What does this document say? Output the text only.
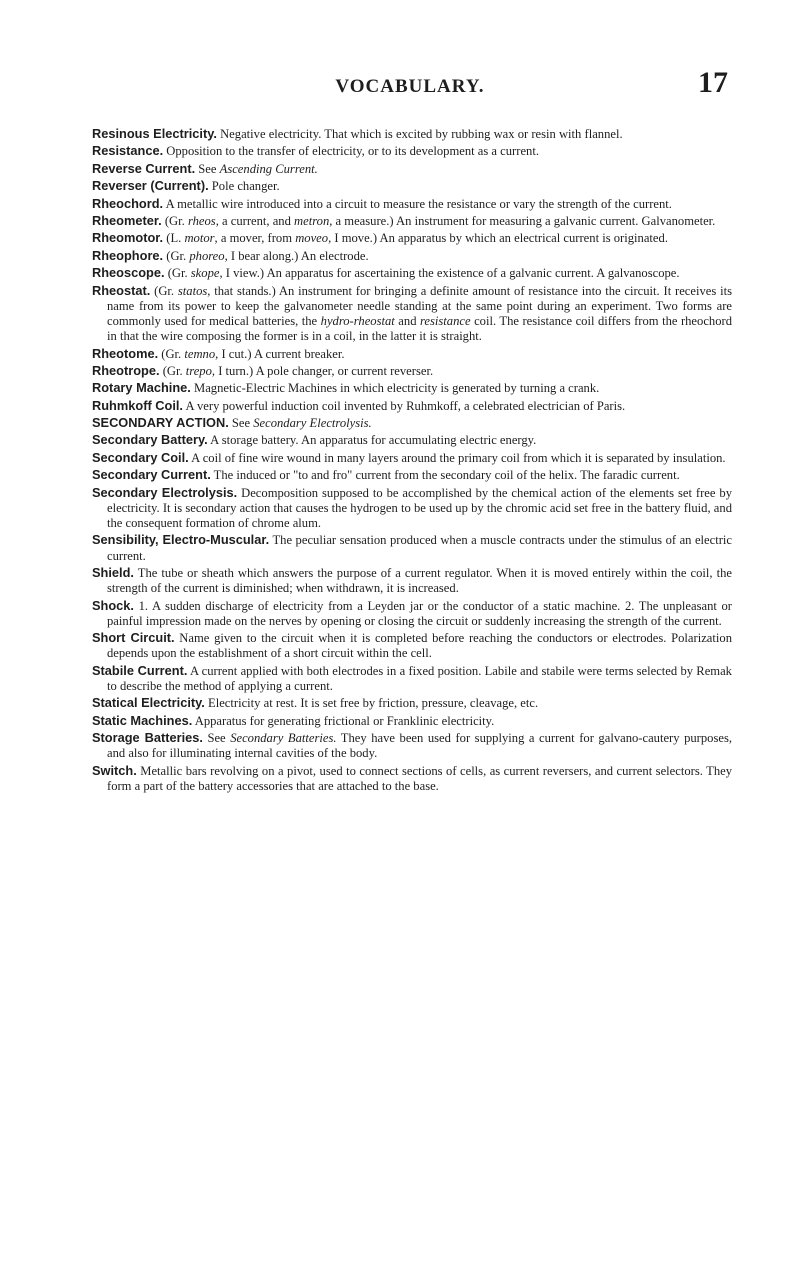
VOCABULARY.	17
Resinous Electricity. Negative electricity. That which is excited by rubbing wax or resin with flannel.
Resistance. Opposition to the transfer of electricity, or to its development as a current.
Reverse Current. See Ascending Current.
Reverser (Current). Pole changer.
Rheochord. A metallic wire introduced into a circuit to measure the resistance or vary the strength of the current.
Rheometer. (Gr. rheos, a current, and metron, a measure.) An instrument for measuring a galvanic current. Galvanometer.
Rheomotor. (L. motor, a mover, from moveo, I move.) An apparatus by which an electrical current is originated.
Rheophore. (Gr. phoreo, I bear along.) An electrode.
Rheoscope. (Gr. skope, I view.) An apparatus for ascertaining the existence of a galvanic current. A galvanoscope.
Rheostat. (Gr. statos, that stands.) An instrument for bringing a definite amount of resistance into the circuit. It receives its name from its power to keep the galvanometer needle standing at the same point during an experiment. Two forms are commonly used for medical batteries, the hydro-rheostat and resistance coil. The resistance coil differs from the rheochord in that the wire composing the former is in a coil, in the latter it is straight.
Rheotome. (Gr. temno, I cut.) A current breaker.
Rheotrope. (Gr. trepo, I turn.) A pole changer, or current reverser.
Rotary Machine. Magnetic-Electric Machines in which electricity is generated by turning a crank.
Ruhmkoff Coil. A very powerful induction coil invented by Ruhmkoff, a celebrated electrician of Paris.
SECONDARY ACTION. See Secondary Electrolysis.
Secondary Battery. A storage battery. An apparatus for accumulating electric energy.
Secondary Coil. A coil of fine wire wound in many layers around the primary coil from which it is separated by insulation.
Secondary Current. The induced or "to and fro" current from the secondary coil of the helix. The faradic current.
Secondary Electrolysis. Decomposition supposed to be accomplished by the chemical action of the elements set free by electricity. It is secondary action that causes the hydrogen to be used up by the chromic acid set free in the battery fluid, and the consequent formation of chrome alum.
Sensibility, Electro-Muscular. The peculiar sensation produced when a muscle contracts under the stimulus of an electric current.
Shield. The tube or sheath which answers the purpose of a current regulator. When it is moved entirely within the coil, the strength of the current is diminished; when withdrawn, it is increased.
Shock. 1. A sudden discharge of electricity from a Leyden jar or the conductor of a static machine. 2. The unpleasant or painful impression made on the nerves by opening or closing the circuit or suddenly increasing the strength of the current.
Short Circuit. Name given to the circuit when it is completed before reaching the conductors or electrodes. Polarization depends upon the establishment of a short circuit within the cell.
Stabile Current. A current applied with both electrodes in a fixed position. Labile and stabile were terms selected by Remak to describe the method of applying a current.
Statical Electricity. Electricity at rest. It is set free by friction, pressure, cleavage, etc.
Static Machines. Apparatus for generating frictional or Franklinic electricity.
Storage Batteries. See Secondary Batteries. They have been used for supplying a current for galvano-cautery purposes, and also for illuminating internal cavities of the body.
Switch. Metallic bars revolving on a pivot, used to connect sections of cells, as current reversers, and current selectors. They form a part of the battery accessories that are attached to the base.
